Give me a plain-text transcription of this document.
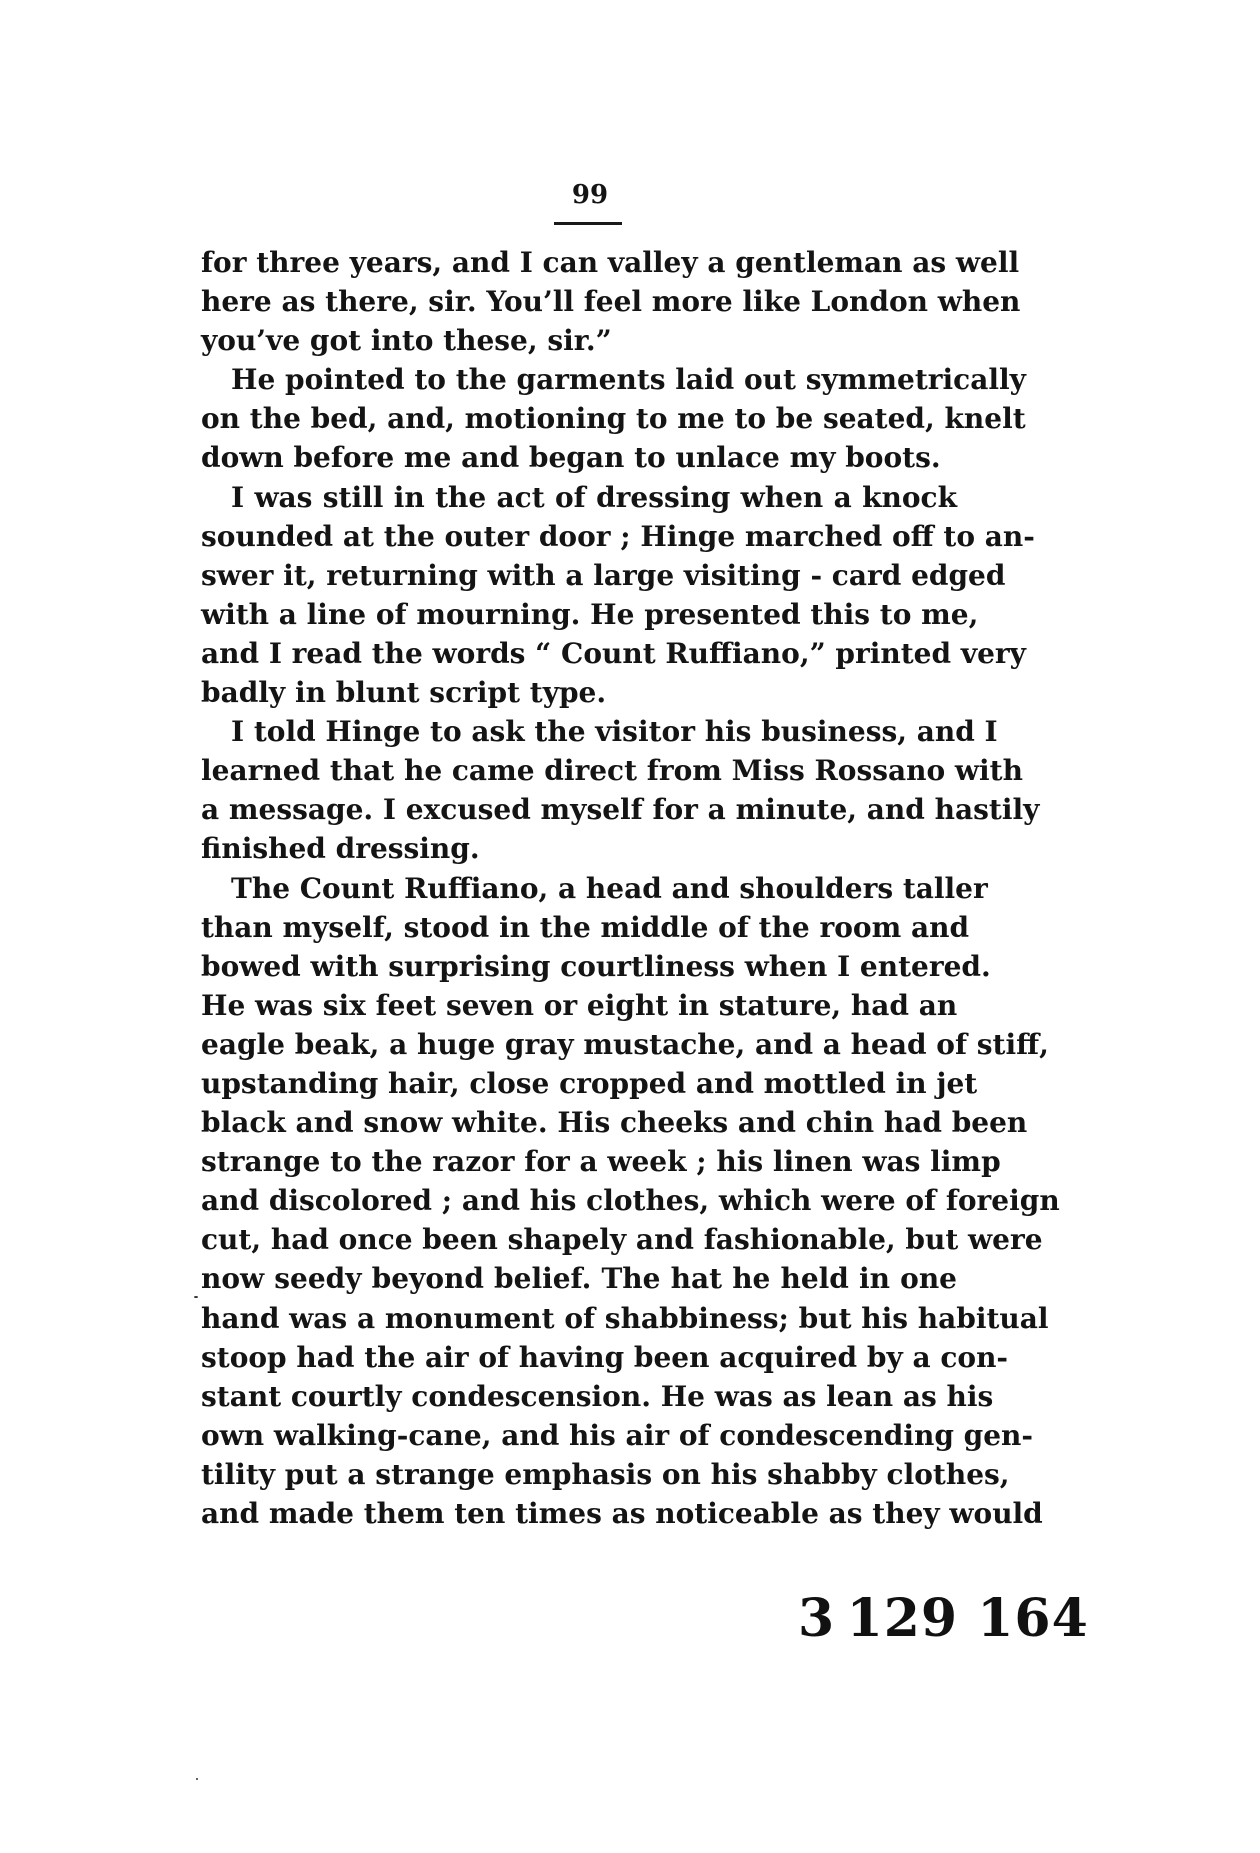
99
for three years, and I can valley a gentleman as well
here as there, sir. You’ll feel more like London when
you’ve got into these, sir.”
He pointed to the garments laid out symmetrically
on the bed, and, motioning to me to be seated, knelt
down before me and began to unlace my boots.
I was still in the act of dressing when a knock
sounded at the outer door ; Hinge marched off to an-
swer it, returning with a large visiting - card edged
with a line of mourning. He presented this to me,
and I read the words “ Count Ruffiano,” printed very
badly in blunt script type.
I told Hinge to ask the visitor his business, and I
learned that he came direct from Miss Rossano with
a message. I excused myself for a minute, and hastily
finished dressing.
The Count Ruffiano, a head and shoulders taller
than myself, stood in the middle of the room and
bowed with surprising courtliness when I entered.
He was six feet seven or eight in stature, had an
eagle beak, a huge gray mustache, and a head of stiff,
upstanding hair, close cropped and mottled in jet
black and snow white. His cheeks and chin had been
strange to the razor for a week ; his linen was limp
and discolored ; and his clothes, which were of foreign
cut, had once been shapely and fashionable, but were
now seedy beyond belief. The hat he held in one
hand was a monument of shabbiness; but his habitual
stoop had the air of having been acquired by a con-
stant courtly condescension. He was as lean as his
own walking-cane, and his air of condescending gen-
tility put a strange emphasis on his shabby clothes,
and made them ten times as noticeable as they would
3 129 164
